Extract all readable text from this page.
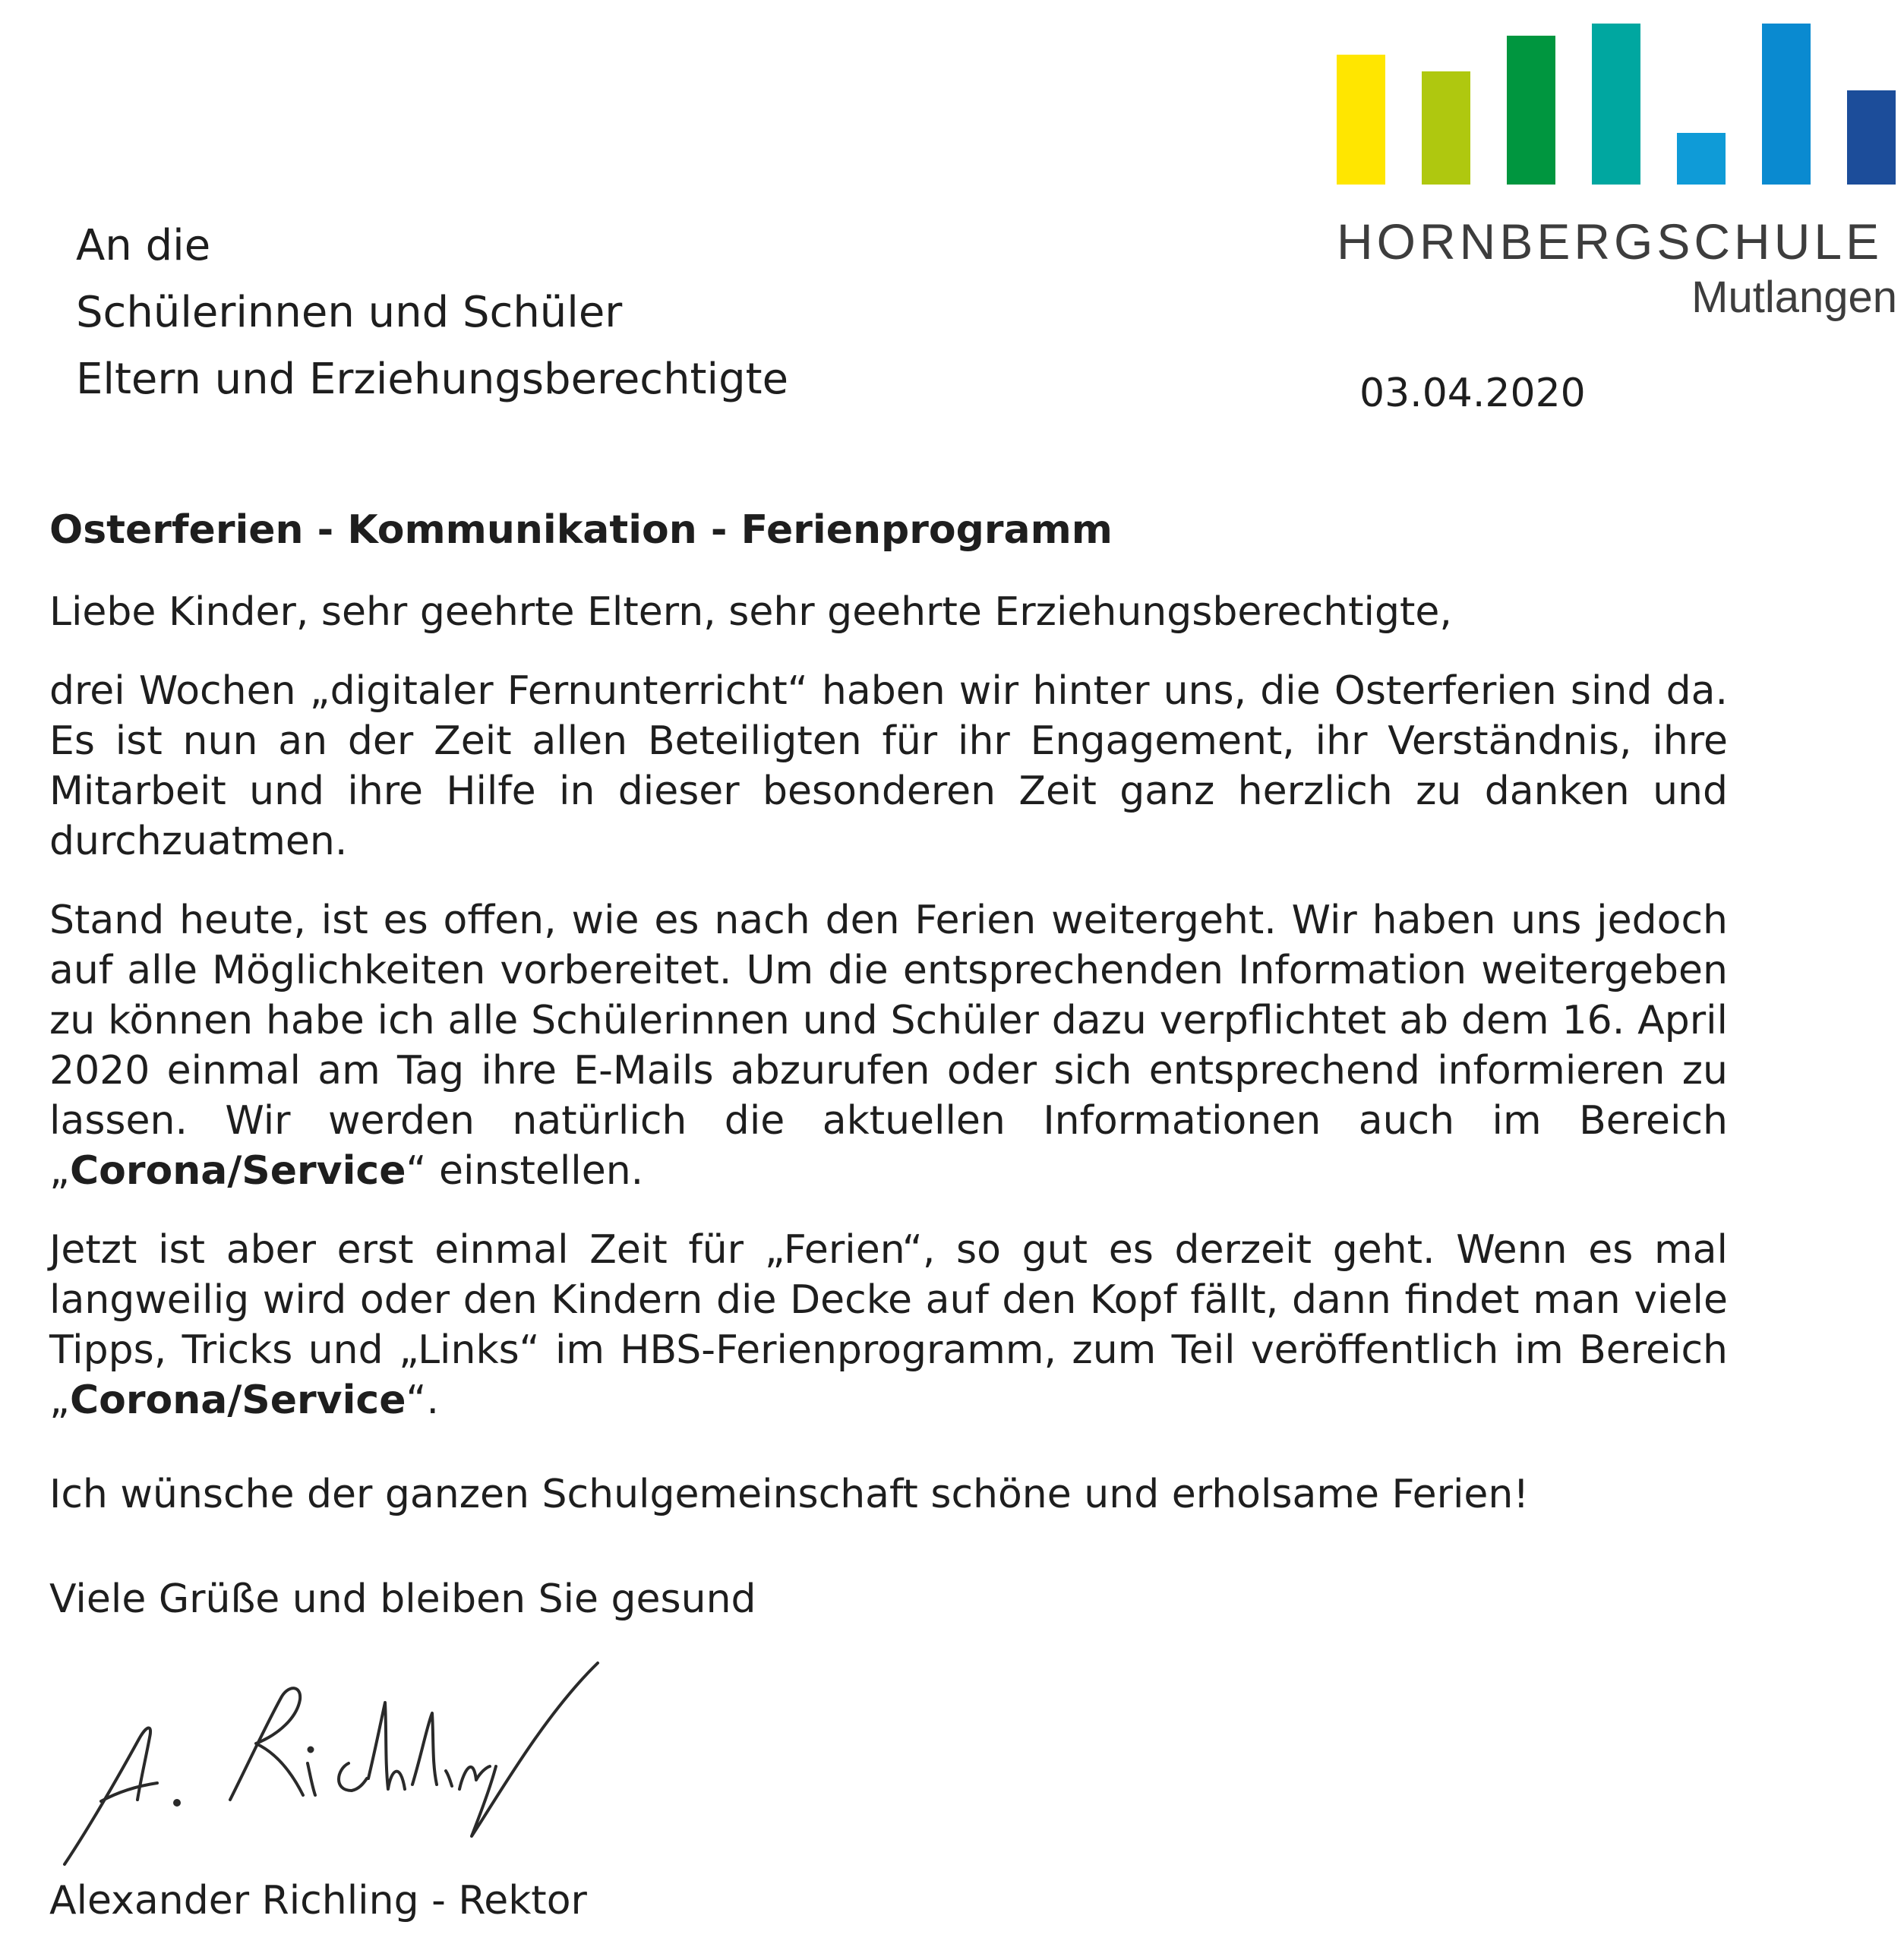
HORNBERGSCHULE
Mutlangen
An die
Schülerinnen und Schüler
Eltern und Erziehungsberechtigte	03.04.2020
Osterferien - Kommunikation - Ferienprogramm
Liebe Kinder, sehr geehrte Eltern, sehr geehrte Erziehungsberechtigte,
drei Wochen „digitaler Fernunterricht“ haben wir hinter uns, die Osterferien sind da. Es ist nun an der Zeit allen Beteiligten für ihr Engagement, ihr Verständnis, ihre Mitarbeit und ihre Hilfe in dieser besonderen Zeit ganz herzlich zu danken und durchzuatmen.
Stand heute, ist es offen, wie es nach den Ferien weitergeht. Wir haben uns jedoch auf alle Möglichkeiten vorbereitet. Um die entsprechenden Information weitergeben zu können habe ich alle Schülerinnen und Schüler dazu verpflichtet ab dem 16. April 2020 einmal am Tag ihre E-Mails abzurufen oder sich entsprechend informieren zu lassen. Wir werden natürlich die aktuellen Informationen auch im Bereich „Corona/Service“ einstellen.
Jetzt ist aber erst einmal Zeit für „Ferien“, so gut es derzeit geht. Wenn es mal langweilig wird oder den Kindern die Decke auf den Kopf fällt, dann findet man viele Tipps, Tricks und „Links“ im HBS-Ferienprogramm, zum Teil veröffentlich im Bereich „Corona/Service“.
Ich wünsche der ganzen Schulgemeinschaft schöne und erholsame Ferien!
Viele Grüße und bleiben Sie gesund
Alexander Richling - Rektor
